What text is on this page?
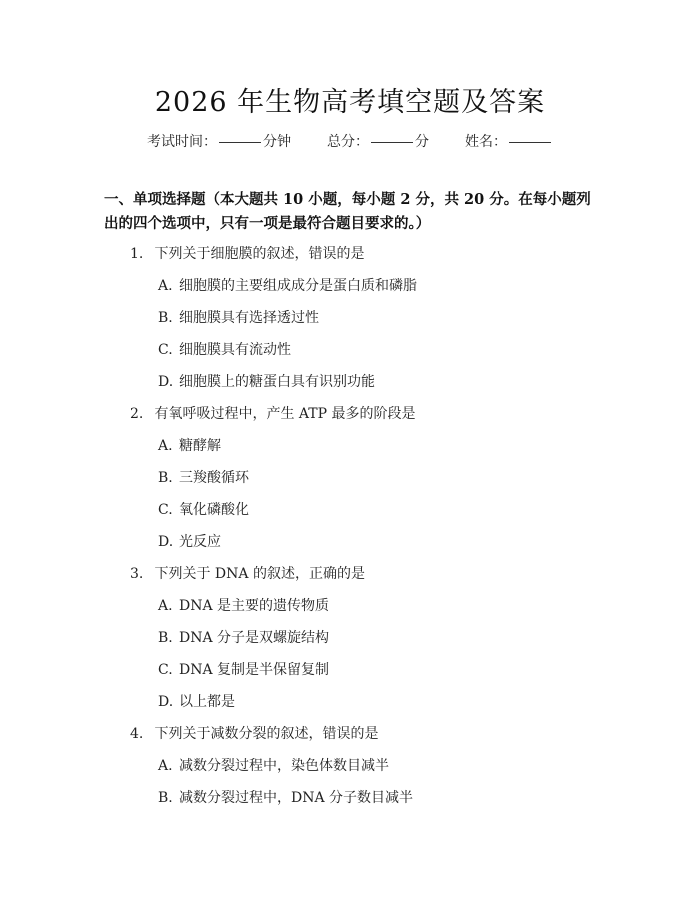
2026 年生物高考填空题及答案
考试时间：	分钟	总分：	分	姓名：
一、单项选择题（本大题共 10 小题，每小题 2 分，共 20 分。在每小题列出的四个选项中，只有一项是最符合题目要求的。）
1. 下列关于细胞膜的叙述，错误的是
A. 细胞膜的主要组成成分是蛋白质和磷脂
B. 细胞膜具有选择透过性
C. 细胞膜具有流动性
D. 细胞膜上的糖蛋白具有识别功能
2. 有氧呼吸过程中，产生 ATP 最多的阶段是
A. 糖酵解
B. 三羧酸循环
C. 氧化磷酸化
D. 光反应
3. 下列关于 DNA 的叙述，正确的是
A. DNA 是主要的遗传物质
B. DNA 分子是双螺旋结构
C. DNA 复制是半保留复制
D. 以上都是
4. 下列关于减数分裂的叙述，错误的是
A. 减数分裂过程中，染色体数目减半
B. 减数分裂过程中，DNA 分子数目减半
